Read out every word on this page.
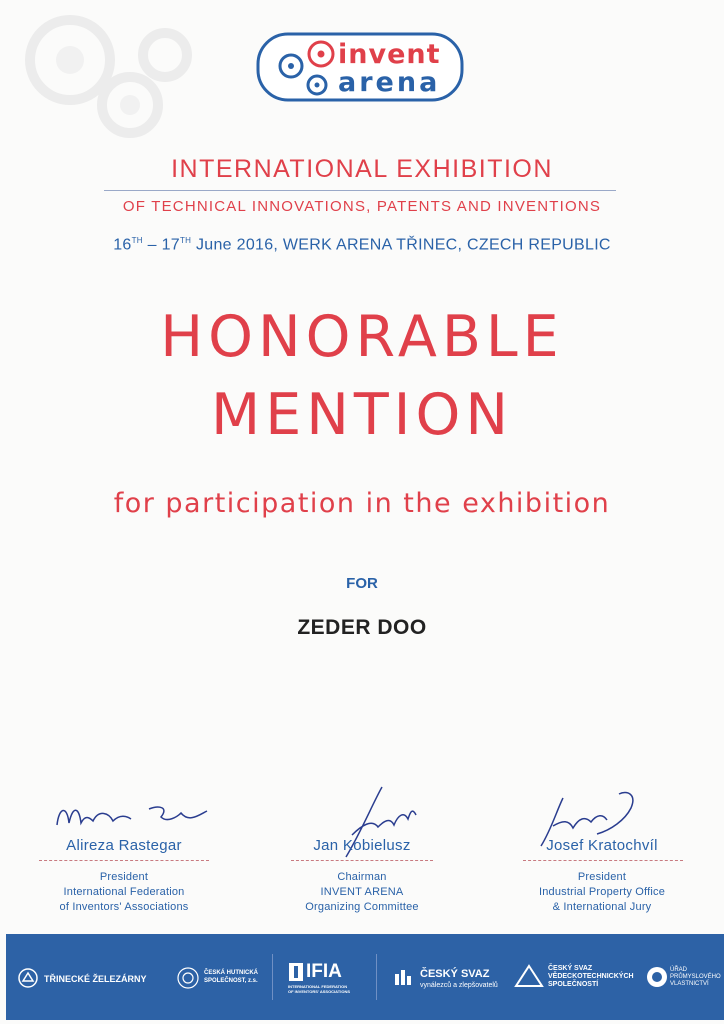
invent
arena
INTERNATIONAL EXHIBITION
OF TECHNICAL INNOVATIONS, PATENTS AND INVENTIONS
16TH – 17TH June 2016, WERK ARENA TŘINEC, CZECH REPUBLIC
HONORABLE
MENTION
for participation in the exhibition
FOR
ZEDER DOO
Alireza Rastegar
President
International Federation
of Inventors' Associations
Jan Kobielusz
Chairman
INVENT ARENA
Organizing Committee
Josef Kratochvíl
President
Industrial Property Office
& International Jury
TŘINECKÉ ŽELEZÁRNY
ČESKÁ HUTNICKÁ
SPOLEČNOST, z.s.	IFIA
INTERNATIONAL FEDERATION
OF INVENTORS' ASSOCIATIONS
ČESKÝ SVAZ
vynálezců a zlepšovatelů
ČESKÝ SVAZ
VĚDECKOTECHNICKÝCH
SPOLEČNOSTÍ
ÚŘAD
PRŮMYSLOVÉHO
VLASTNICTVÍ
